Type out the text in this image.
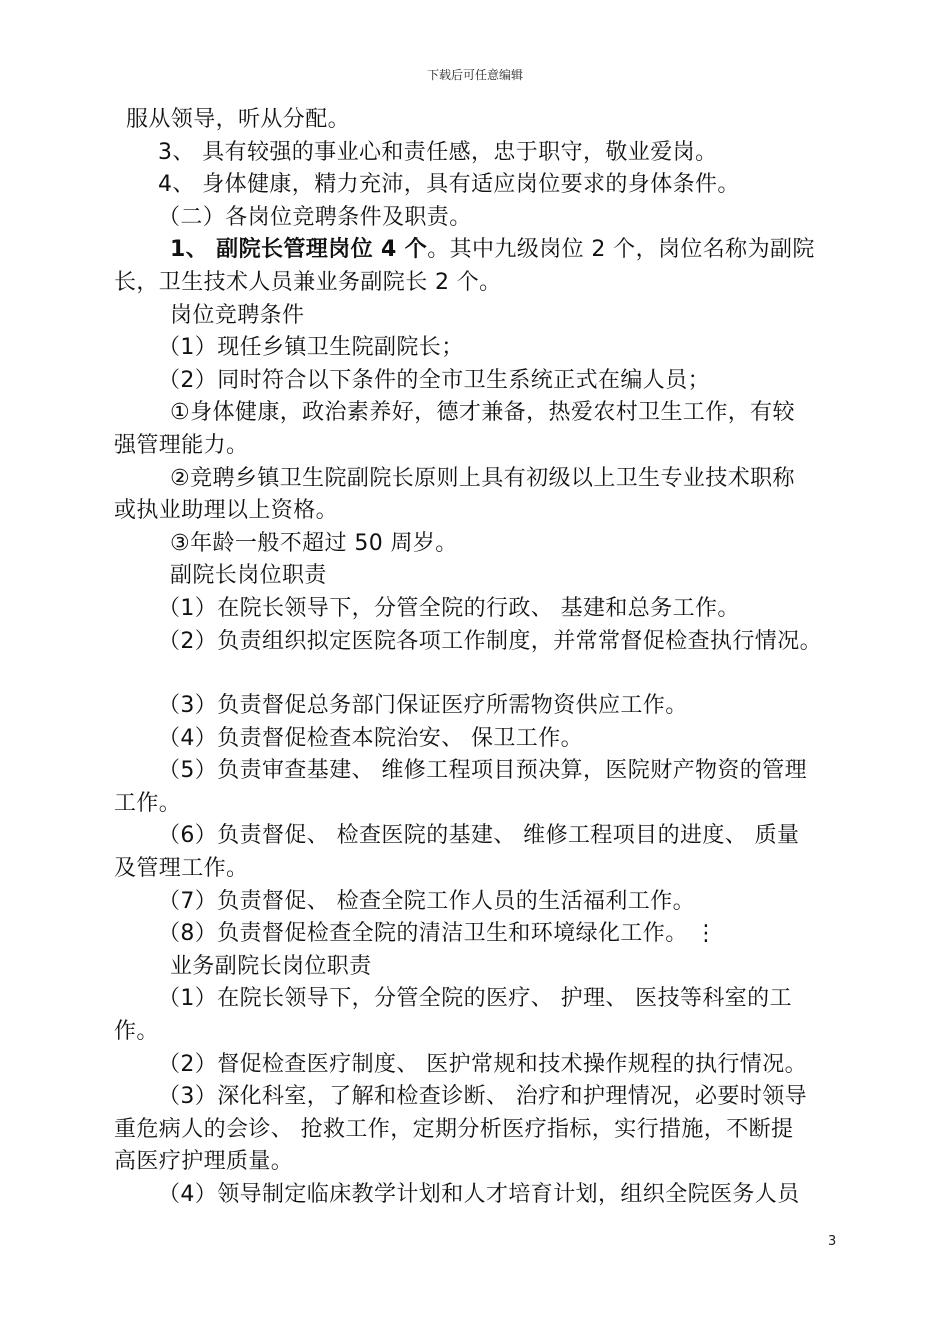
下载后可任意编辑

服从领导，听从分配。

3、 具有较强的事业心和责任感，忠于职守，敬业爱岗。

4、 身体健康，精力充沛，具有适应岗位要求的身体条件。

（二）各岗位竞聘条件及职责。

1、 副院长管理岗位 4 个。其中九级岗位 2 个，岗位名称为副院

长，卫生技术人员兼业务副院长 2 个。

岗位竞聘条件

（1）现任乡镇卫生院副院长；

（2）同时符合以下条件的全市卫生系统正式在编人员；

①身体健康，政治素养好，德才兼备，热爱农村卫生工作，有较

强管理能力。

②竞聘乡镇卫生院副院长原则上具有初级以上卫生专业技术职称

或执业助理以上资格。

③年龄一般不超过 50 周岁。

副院长岗位职责

（1）在院长领导下，分管全院的行政、 基建和总务工作。

（2）负责组织拟定医院各项工作制度，并常常督促检查执行情况。

（3）负责督促总务部门保证医疗所需物资供应工作。

（4）负责督促检查本院治安、 保卫工作。

（5）负责审查基建、 维修工程项目预决算，医院财产物资的管理

工作。

（6）负责督促、 检查医院的基建、 维修工程项目的进度、 质量

及管理工作。

（7）负责督促、 检查全院工作人员的生活福利工作。

（8）负责督促检查全院的清洁卫生和环境绿化工作。 ⋮

业务副院长岗位职责

（1）在院长领导下，分管全院的医疗、 护理、 医技等科室的工

作。

（2）督促检查医疗制度、 医护常规和技术操作规程的执行情况。

（3）深化科室，了解和检查诊断、 治疗和护理情况，必要时领导

重危病人的会诊、 抢救工作，定期分析医疗指标，实行措施，不断提

高医疗护理质量。

（4）领导制定临床教学计划和人才培育计划，组织全院医务人员

3
